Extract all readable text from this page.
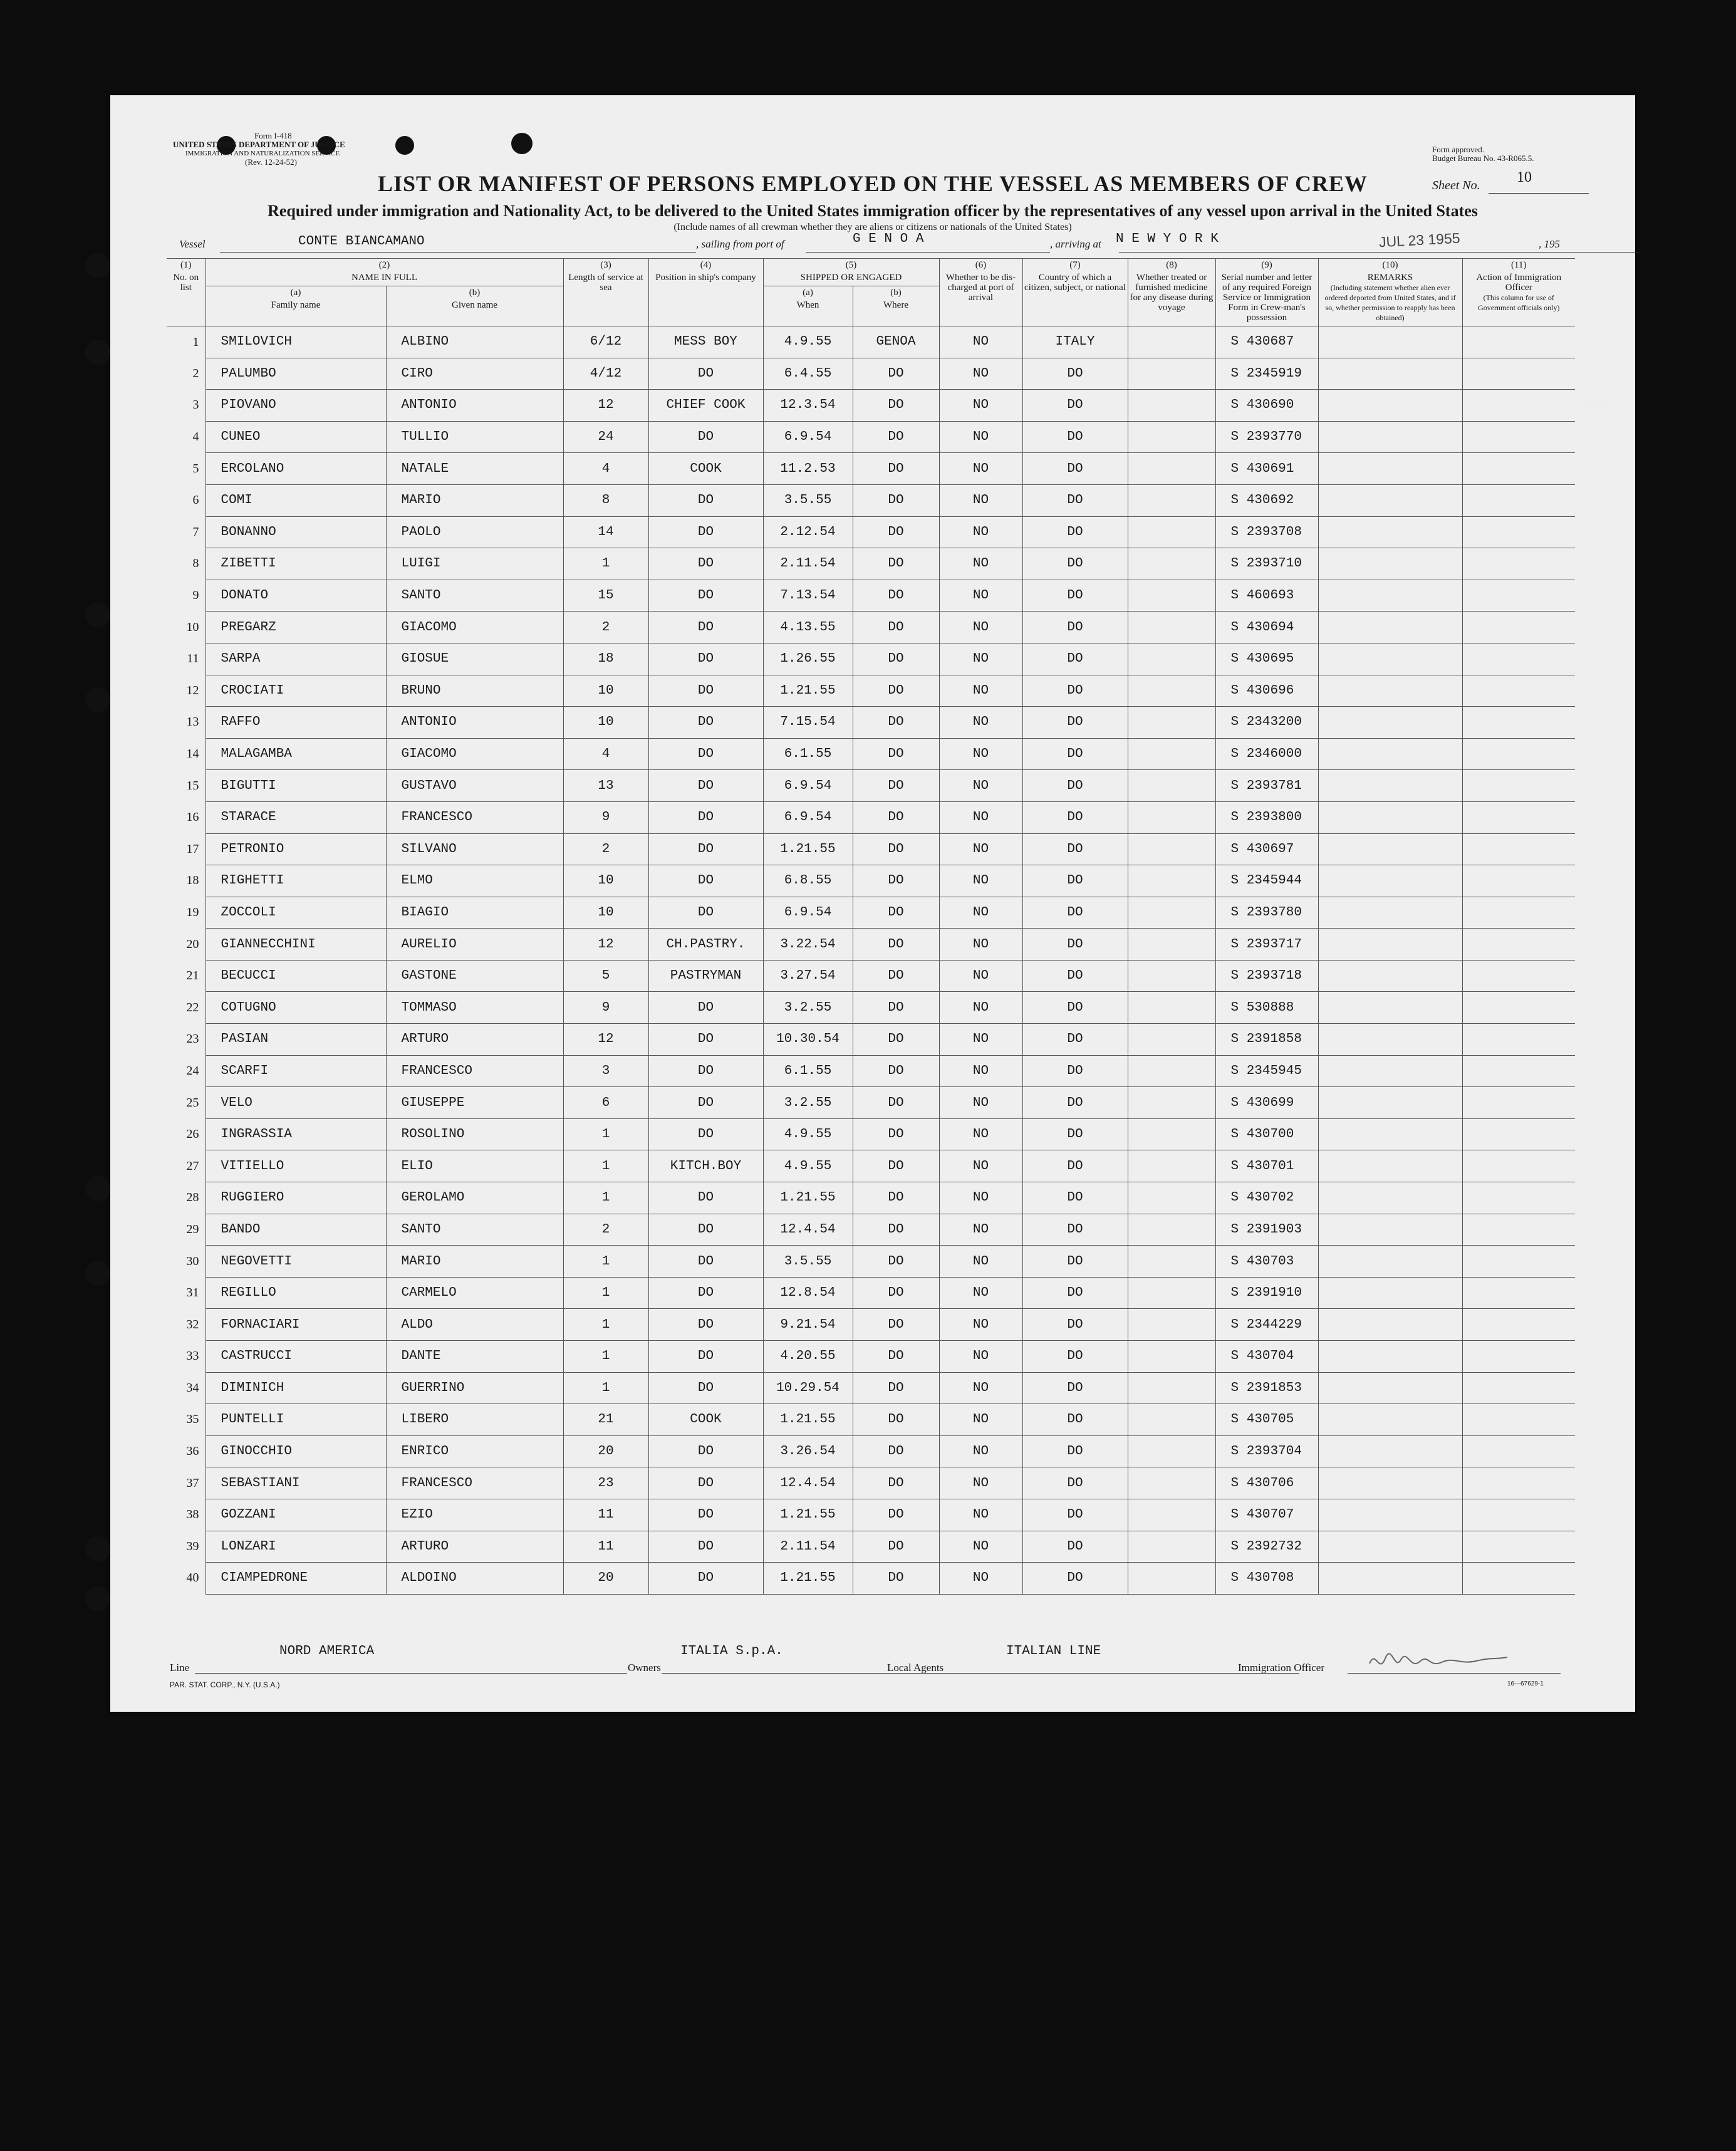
UNITED STATES DEPARTMENT OF JUSTICE
IMMIGRATION AND NATURALIZATION SERVICE
Form I-418
(Rev. 12-24-52)
Form approved.
Budget Bureau No. 43-R065.5.
Sheet No. 10
LIST OR MANIFEST OF PERSONS EMPLOYED ON THE VESSEL AS MEMBERS OF CREW
Required under immigration and Nationality Act, to be delivered to the United States immigration officer by the representatives of any vessel upon arrival in the United States
(Include names of all crewman whether they are aliens or citizens or nationals of the United States)
Vessel	CONTE BIANCAMANO	, sailing from port of	G E N O A	, arriving at N E W Y O R K	JUL 23 1955	, 195
(1)
No. on list	(2)
NAME IN FULL		(3)
Length of service at sea	(4)
Position in ship's company	(5)
SHIPPED OR ENGAGED		(6)
Whether to be dis-charged at port of arrival	(7)
Country of which a citizen, subject, or national	(8)
Whether treated or furnished medicine for any disease during voyage	(9)
Serial number and letter of any required Foreign Service or Immigration Form in Crew-man's possession	(10)
REMARKS
(Including statement whether alien ever ordered deported from United States, and if so, whether permission to reapply has been obtained)	(11)
Action of Immigration Officer
(This column for use of Government officials only)

	(a)
Family name	(b)
Given name			(a)
When	(b)
Where						
1	SMILOVICH	ALBINO	6/12	MESS BOY	4.9.55	GENOA	NO	ITALY		S 430687		
2	PALUMBO	CIRO	4/12	DO	6.4.55	DO	NO	DO		S 2345919		
3	PIOVANO	ANTONIO	12	CHIEF COOK	12.3.54	DO	NO	DO		S 430690		
4	CUNEO	TULLIO	24	DO	6.9.54	DO	NO	DO		S 2393770		
5	ERCOLANO	NATALE	4	COOK	11.2.53	DO	NO	DO		S 430691		
6	COMI	MARIO	8	DO	3.5.55	DO	NO	DO		S 430692		
7	BONANNO	PAOLO	14	DO	2.12.54	DO	NO	DO		S 2393708		
8	ZIBETTI	LUIGI	1	DO	2.11.54	DO	NO	DO		S 2393710		
9	DONATO	SANTO	15	DO	7.13.54	DO	NO	DO		S 460693		
10	PREGARZ	GIACOMO	2	DO	4.13.55	DO	NO	DO		S 430694		
11	SARPA	GIOSUE	18	DO	1.26.55	DO	NO	DO		S 430695		
12	CROCIATI	BRUNO	10	DO	1.21.55	DO	NO	DO		S 430696		
13	RAFFO	ANTONIO	10	DO	7.15.54	DO	NO	DO		S 2343200		
14	MALAGAMBA	GIACOMO	4	DO	6.1.55	DO	NO	DO		S 2346000		
15	BIGUTTI	GUSTAVO	13	DO	6.9.54	DO	NO	DO		S 2393781		
16	STARACE	FRANCESCO	9	DO	6.9.54	DO	NO	DO		S 2393800		
17	PETRONIO	SILVANO	2	DO	1.21.55	DO	NO	DO		S 430697		
18	RIGHETTI	ELMO	10	DO	6.8.55	DO	NO	DO		S 2345944		
19	ZOCCOLI	BIAGIO	10	DO	6.9.54	DO	NO	DO		S 2393780		
20	GIANNECCHINI	AURELIO	12	CH.PASTRY.	3.22.54	DO	NO	DO		S 2393717		
21	BECUCCI	GASTONE	5	PASTRYMAN	3.27.54	DO	NO	DO		S 2393718		
22	COTUGNO	TOMMASO	9	DO	3.2.55	DO	NO	DO		S 530888		
23	PASIAN	ARTURO	12	DO	10.30.54	DO	NO	DO		S 2391858		
24	SCARFI	FRANCESCO	3	DO	6.1.55	DO	NO	DO		S 2345945		
25	VELO	GIUSEPPE	6	DO	3.2.55	DO	NO	DO		S 430699		
26	INGRASSIA	ROSOLINO	1	DO	4.9.55	DO	NO	DO		S 430700		
27	VITIELLO	ELIO	1	KITCH.BOY	4.9.55	DO	NO	DO		S 430701		
28	RUGGIERO	GEROLAMO	1	DO	1.21.55	DO	NO	DO		S 430702		
29	BANDO	SANTO	2	DO	12.4.54	DO	NO	DO		S 2391903		
30	NEGOVETTI	MARIO	1	DO	3.5.55	DO	NO	DO		S 430703		
31	REGILLO	CARMELO	1	DO	12.8.54	DO	NO	DO		S 2391910		
32	FORNACIARI	ALDO	1	DO	9.21.54	DO	NO	DO		S 2344229		
33	CASTRUCCI	DANTE	1	DO	4.20.55	DO	NO	DO		S 430704		
34	DIMINICH	GUERRINO	1	DO	10.29.54	DO	NO	DO		S 2391853		
35	PUNTELLI	LIBERO	21	COOK	1.21.55	DO	NO	DO		S 430705		
36	GINOCCHIO	ENRICO	20	DO	3.26.54	DO	NO	DO		S 2393704		
37	SEBASTIANI	FRANCESCO	23	DO	12.4.54	DO	NO	DO		S 430706		
38	GOZZANI	EZIO	11	DO	1.21.55	DO	NO	DO		S 430707		
39	LONZARI	ARTURO	11	DO	2.11.54	DO	NO	DO		S 2392732		
40	CIAMPEDRONE	ALDOINO	20	DO	1.21.55	DO	NO	DO		S 430708		
58
Line
NORD AMERICA
Owners
ITALIA S.p.A.
Local Agents
ITALIAN LINE
Immigration Officer
PAR. STAT. CORP., N.Y. (U.S.A.)	16—67629-1
